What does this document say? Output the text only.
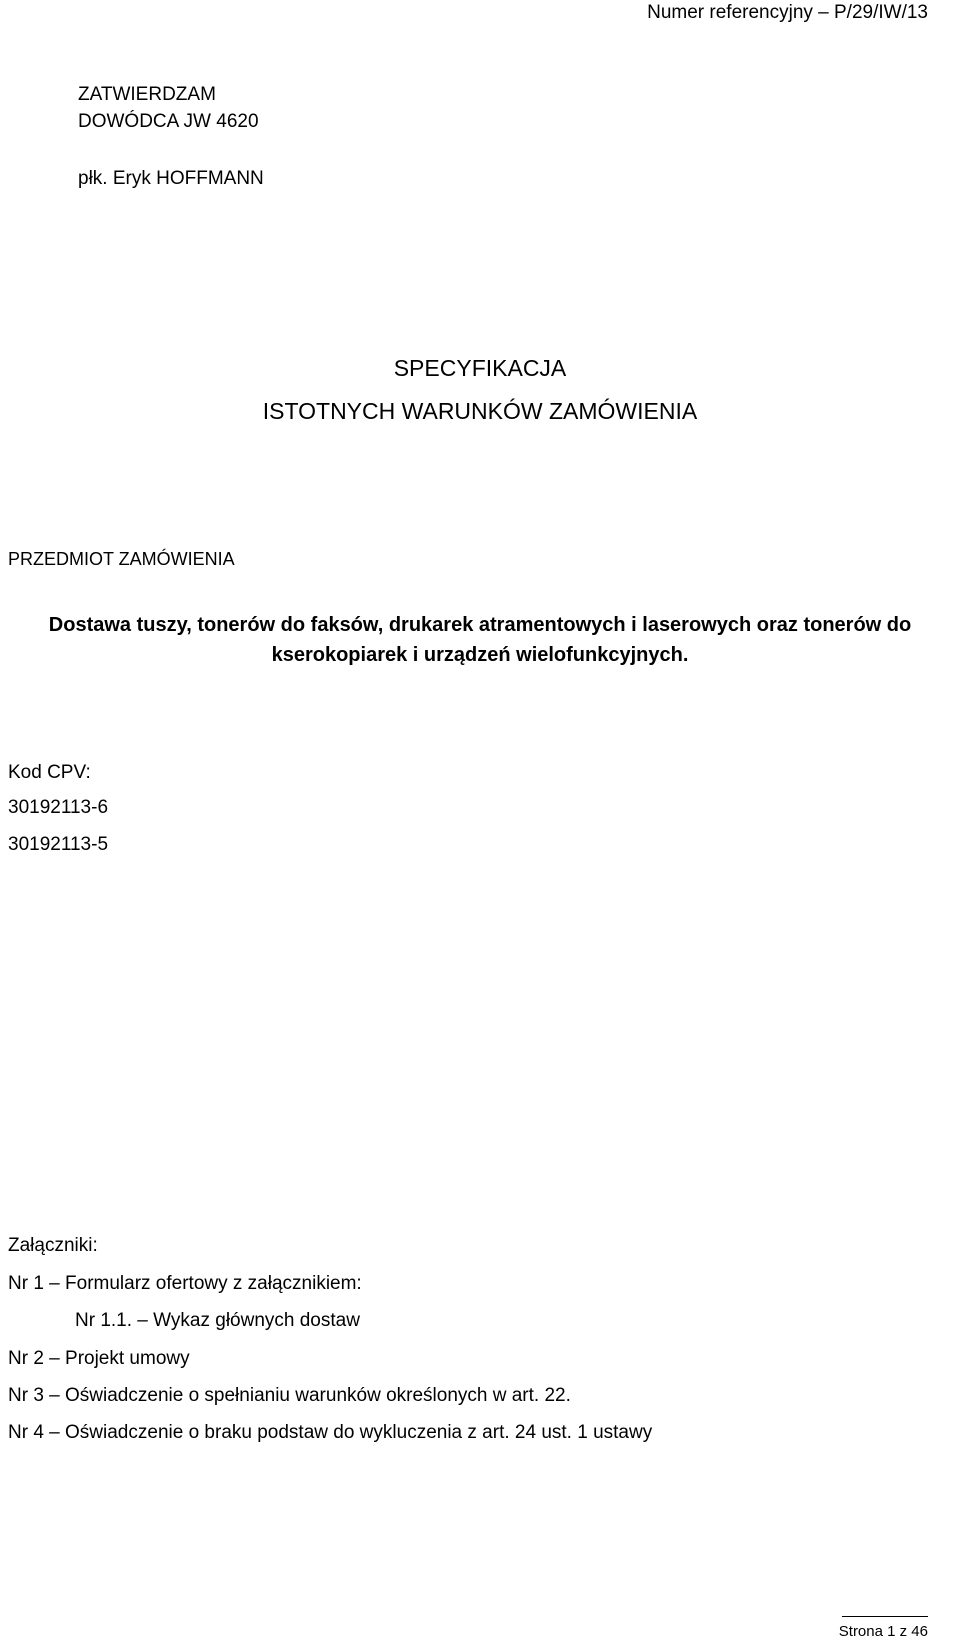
Numer referencyjny – P/29/IW/13
ZATWIERDZAM
DOWÓDCA JW 4620
płk. Eryk HOFFMANN
SPECYFIKACJA
ISTOTNYCH WARUNKÓW ZAMÓWIENIA
PRZEDMIOT ZAMÓWIENIA
Dostawa tuszy, tonerów do faksów, drukarek atramentowych i laserowych oraz tonerów do kserokopiarek i urządzeń wielofunkcyjnych.
Kod CPV:
30192113-6
30192113-5
Załączniki:
Nr 1 – Formularz ofertowy z załącznikiem:
Nr 1.1. – Wykaz głównych dostaw
Nr 2 – Projekt umowy
Nr 3 – Oświadczenie o spełnianiu warunków określonych w art. 22.
Nr 4 – Oświadczenie o braku podstaw do wykluczenia z art. 24 ust. 1 ustawy
Strona 1 z 46
